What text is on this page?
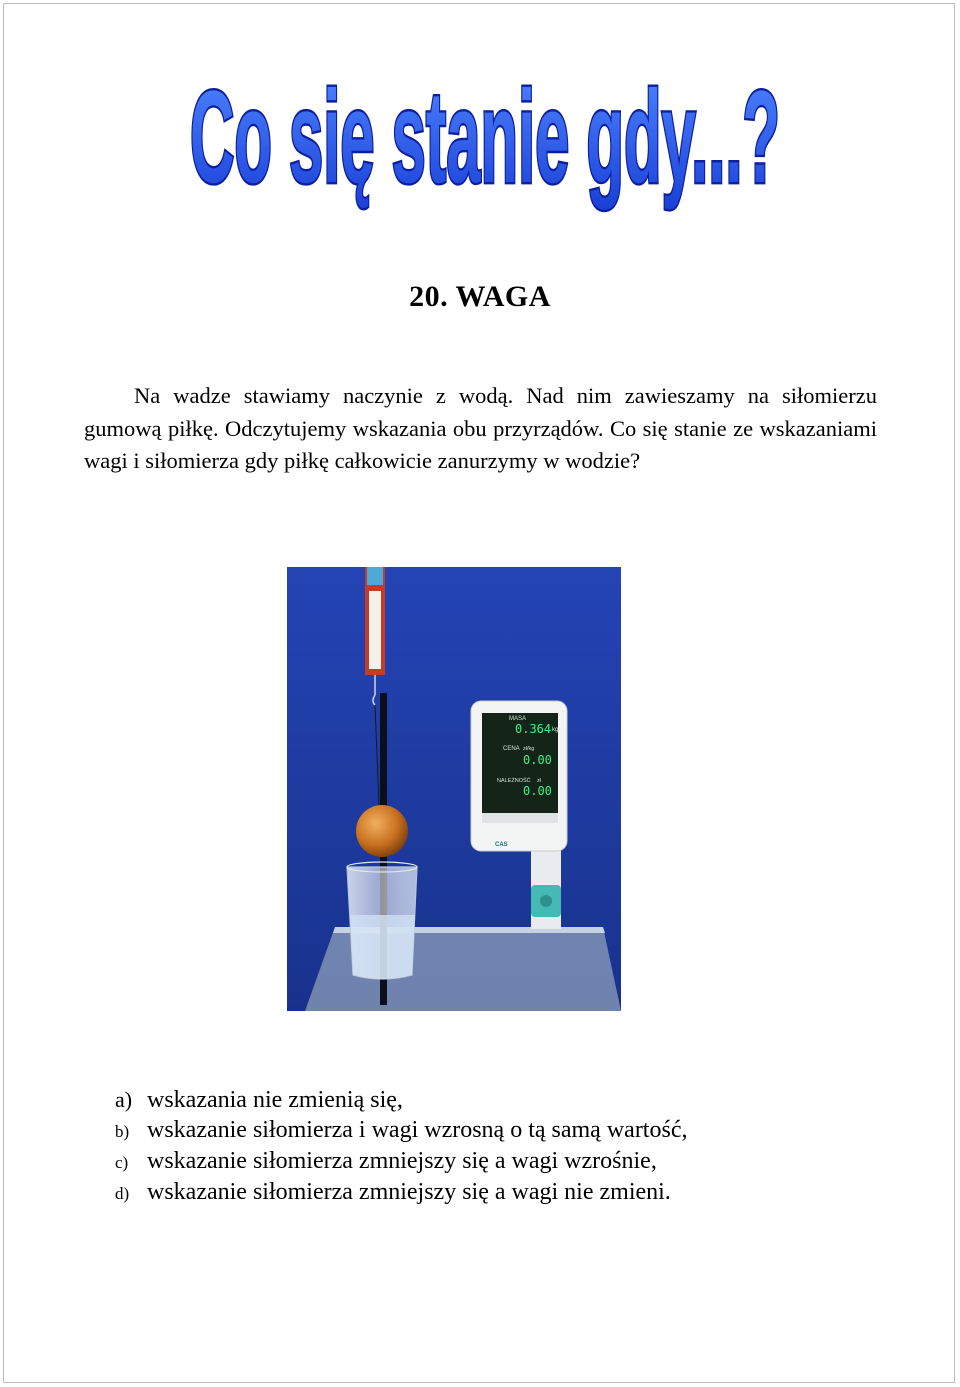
Co się stanie gdy...?
20. WAGA

Na wadze stawiamy naczynie z wodą. Nad nim zawieszamy na siłomierzu gumową piłkę. Odczytujemy wskazania obu przyrządów. Co się stanie ze wskazaniami wagi i siłomierza gdy piłkę całkowicie zanurzymy w wodzie?

MASA
0.364 kg
CENA zł/kg
0.00
NALEŻNOŚĆ zł
0.00
CAS
a) wskazania nie zmienią się,
b) wskazanie siłomierza i wagi wzrosną o tą samą wartość,
c) wskazanie siłomierza zmniejszy się a wagi wzrośnie,
d) wskazanie siłomierza zmniejszy się a wagi nie zmieni.
